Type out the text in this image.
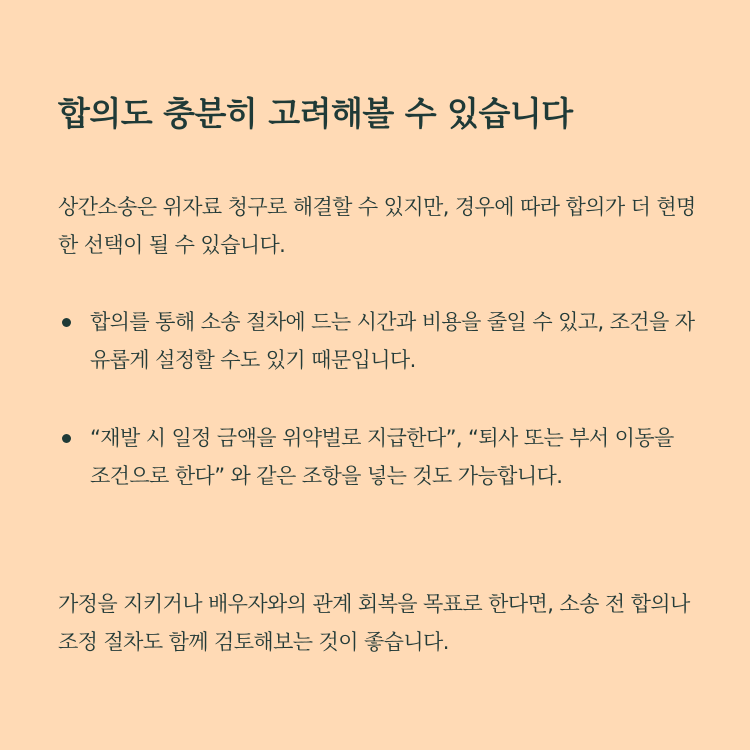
합의도 충분히 고려해볼 수 있습니다

상간소송은 위자료 청구로 해결할 수 있지만, 경우에 따라 합의가 더 현명한 선택이 될 수 있습니다.

합의를 통해 소송 절차에 드는 시간과 비용을 줄일 수 있고, 조건을 자유롭게 설정할 수도 있기 때문입니다.
“재발 시 일정 금액을 위약벌로 지급한다”, “퇴사 또는 부서 이동을 조건으로 한다” 와 같은 조항을 넣는 것도 가능합니다.

가정을 지키거나 배우자와의 관계 회복을 목표로 한다면, 소송 전 합의나 조정 절차도 함께 검토해보는 것이 좋습니다.
